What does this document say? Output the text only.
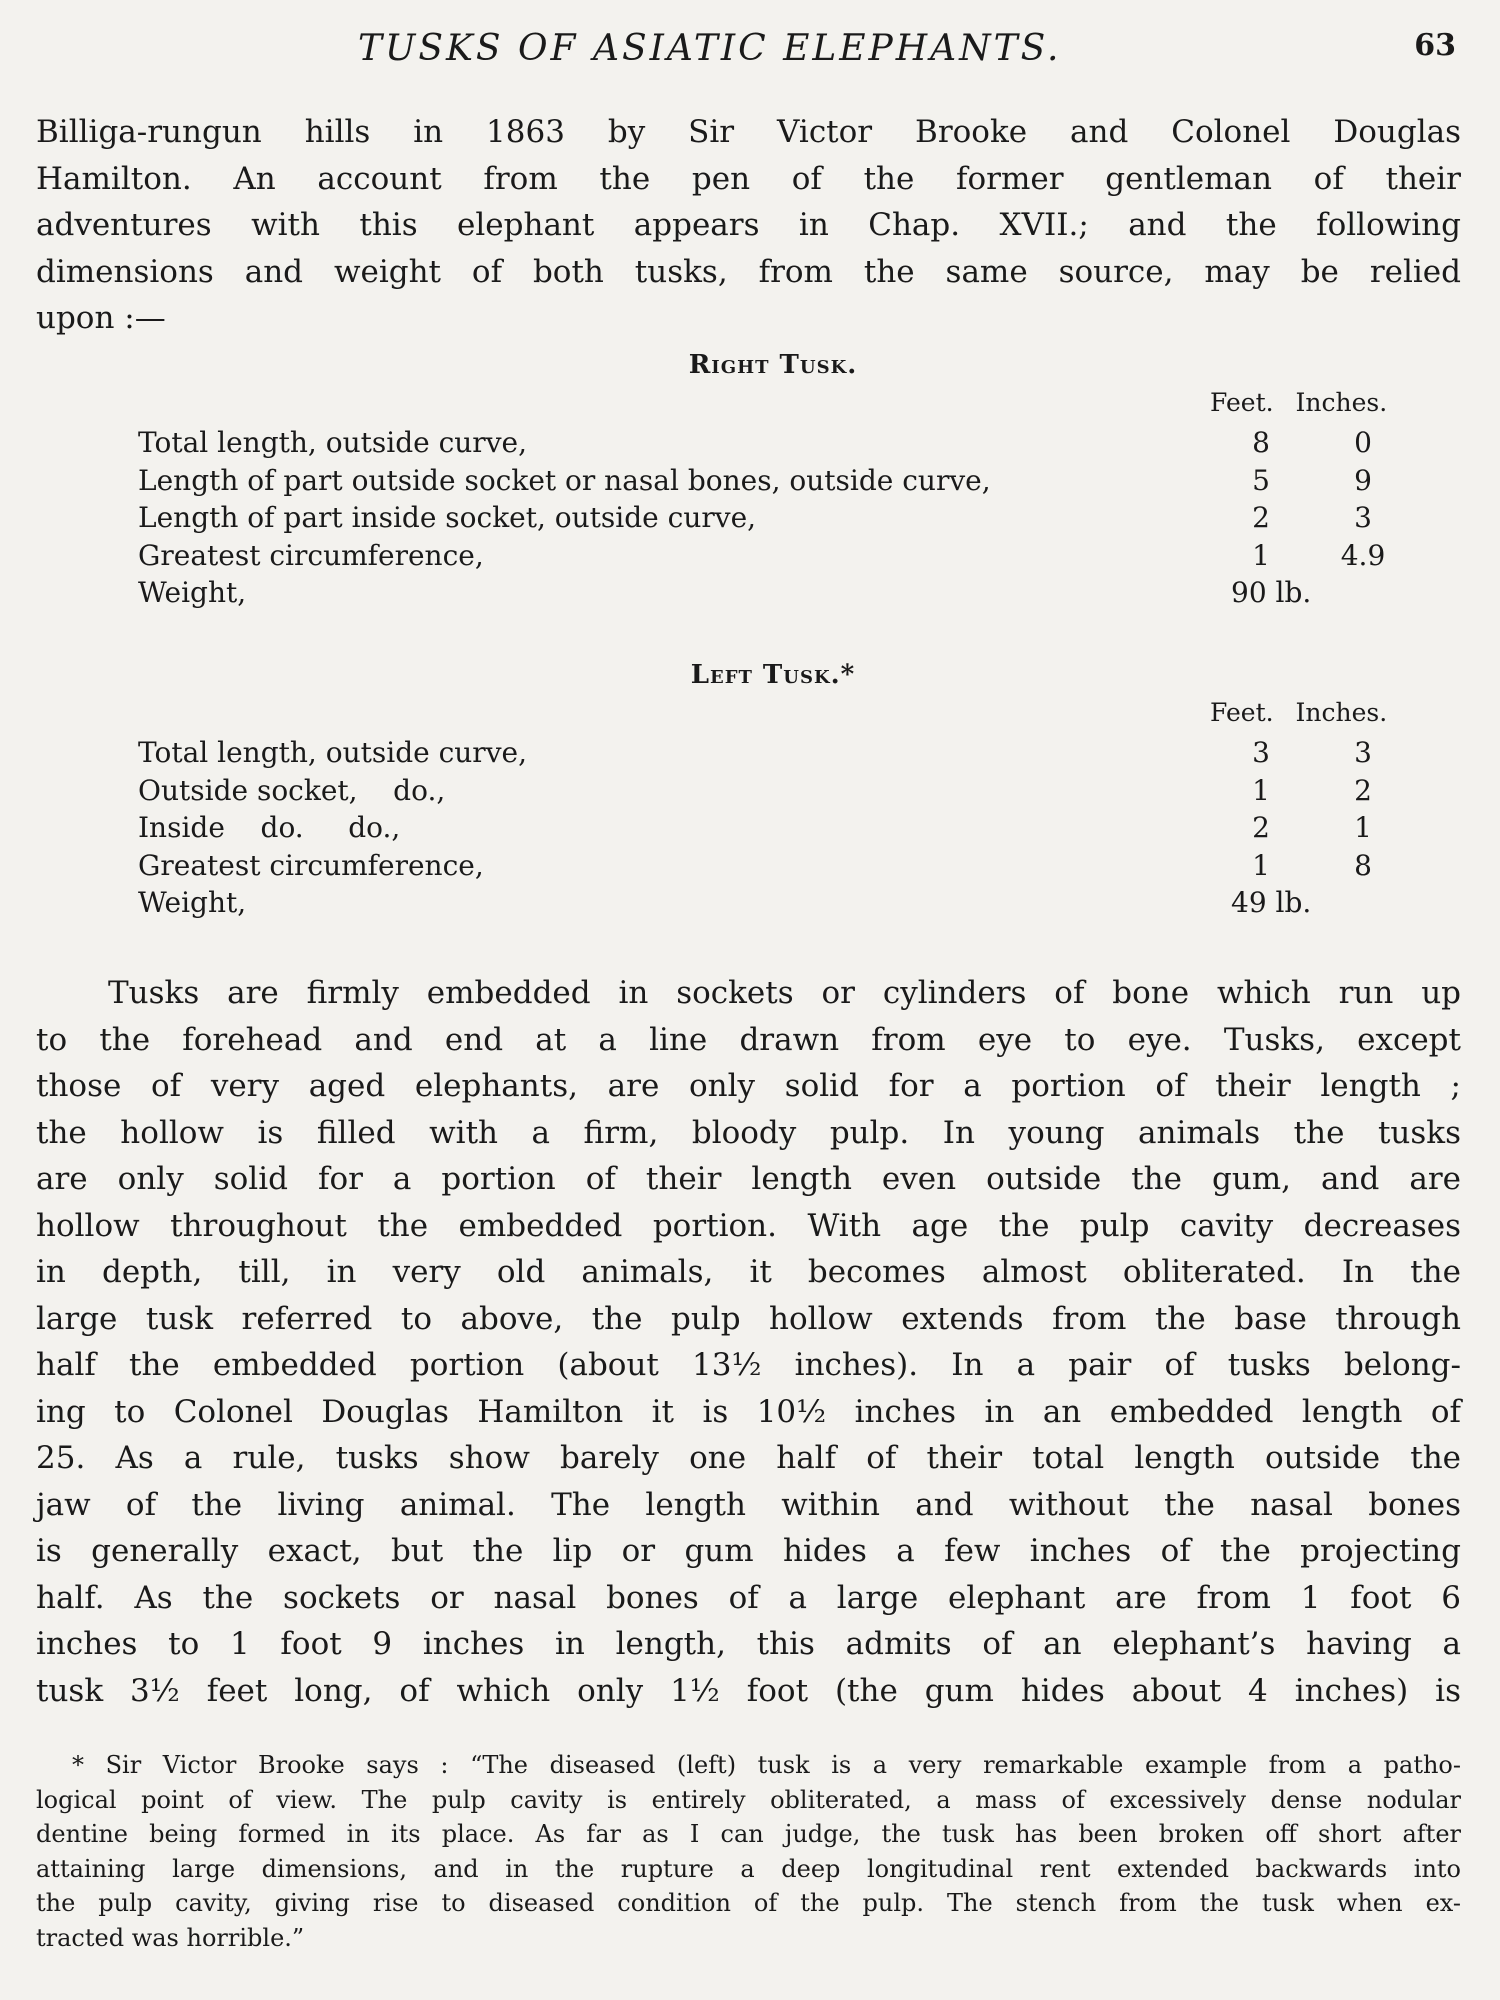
TUSKS OF ASIATIC ELEPHANTS.	63
Billiga-rungun hills in 1863 by Sir Victor Brooke and Colonel Douglas
Hamilton. An account from the pen of the former gentleman of their
adventures with this elephant appears in Chap. XVII.; and the following
dimensions and weight of both tusks, from the same source, may be relied
upon :—
Right Tusk.
Feet. Inches.
Total length, outside curve,	8	0
Length of part outside socket or nasal bones, outside curve,	5	9
Length of part inside socket, outside curve,	2	3
Greatest circumference,	1	4.9
Weight,	90 lb.
Left Tusk.*
Feet. Inches.
Total length, outside curve,	3	3
Outside socket,    do.,	1	2
Inside    do.     do.,	2	1
Greatest circumference,	1	8
Weight,	49 lb.
Tusks are firmly embedded in sockets or cylinders of bone which run up
to the forehead and end at a line drawn from eye to eye. Tusks, except
those of very aged elephants, are only solid for a portion of their length ;
the hollow is filled with a firm, bloody pulp. In young animals the tusks
are only solid for a portion of their length even outside the gum, and are
hollow throughout the embedded portion. With age the pulp cavity decreases
in depth, till, in very old animals, it becomes almost obliterated. In the
large tusk referred to above, the pulp hollow extends from the base through
half the embedded portion (about 13½ inches). In a pair of tusks belong-
ing to Colonel Douglas Hamilton it is 10½ inches in an embedded length of
25. As a rule, tusks show barely one half of their total length outside the
jaw of the living animal. The length within and without the nasal bones
is generally exact, but the lip or gum hides a few inches of the projecting
half. As the sockets or nasal bones of a large elephant are from 1 foot 6
inches to 1 foot 9 inches in length, this admits of an elephant’s having a
tusk 3½ feet long, of which only 1½ foot (the gum hides about 4 inches) is
* Sir Victor Brooke says : “The diseased (left) tusk is a very remarkable example from a patho-
logical point of view. The pulp cavity is entirely obliterated, a mass of excessively dense nodular
dentine being formed in its place. As far as I can judge, the tusk has been broken off short after
attaining large dimensions, and in the rupture a deep longitudinal rent extended backwards into
the pulp cavity, giving rise to diseased condition of the pulp. The stench from the tusk when ex-
tracted was horrible.”
